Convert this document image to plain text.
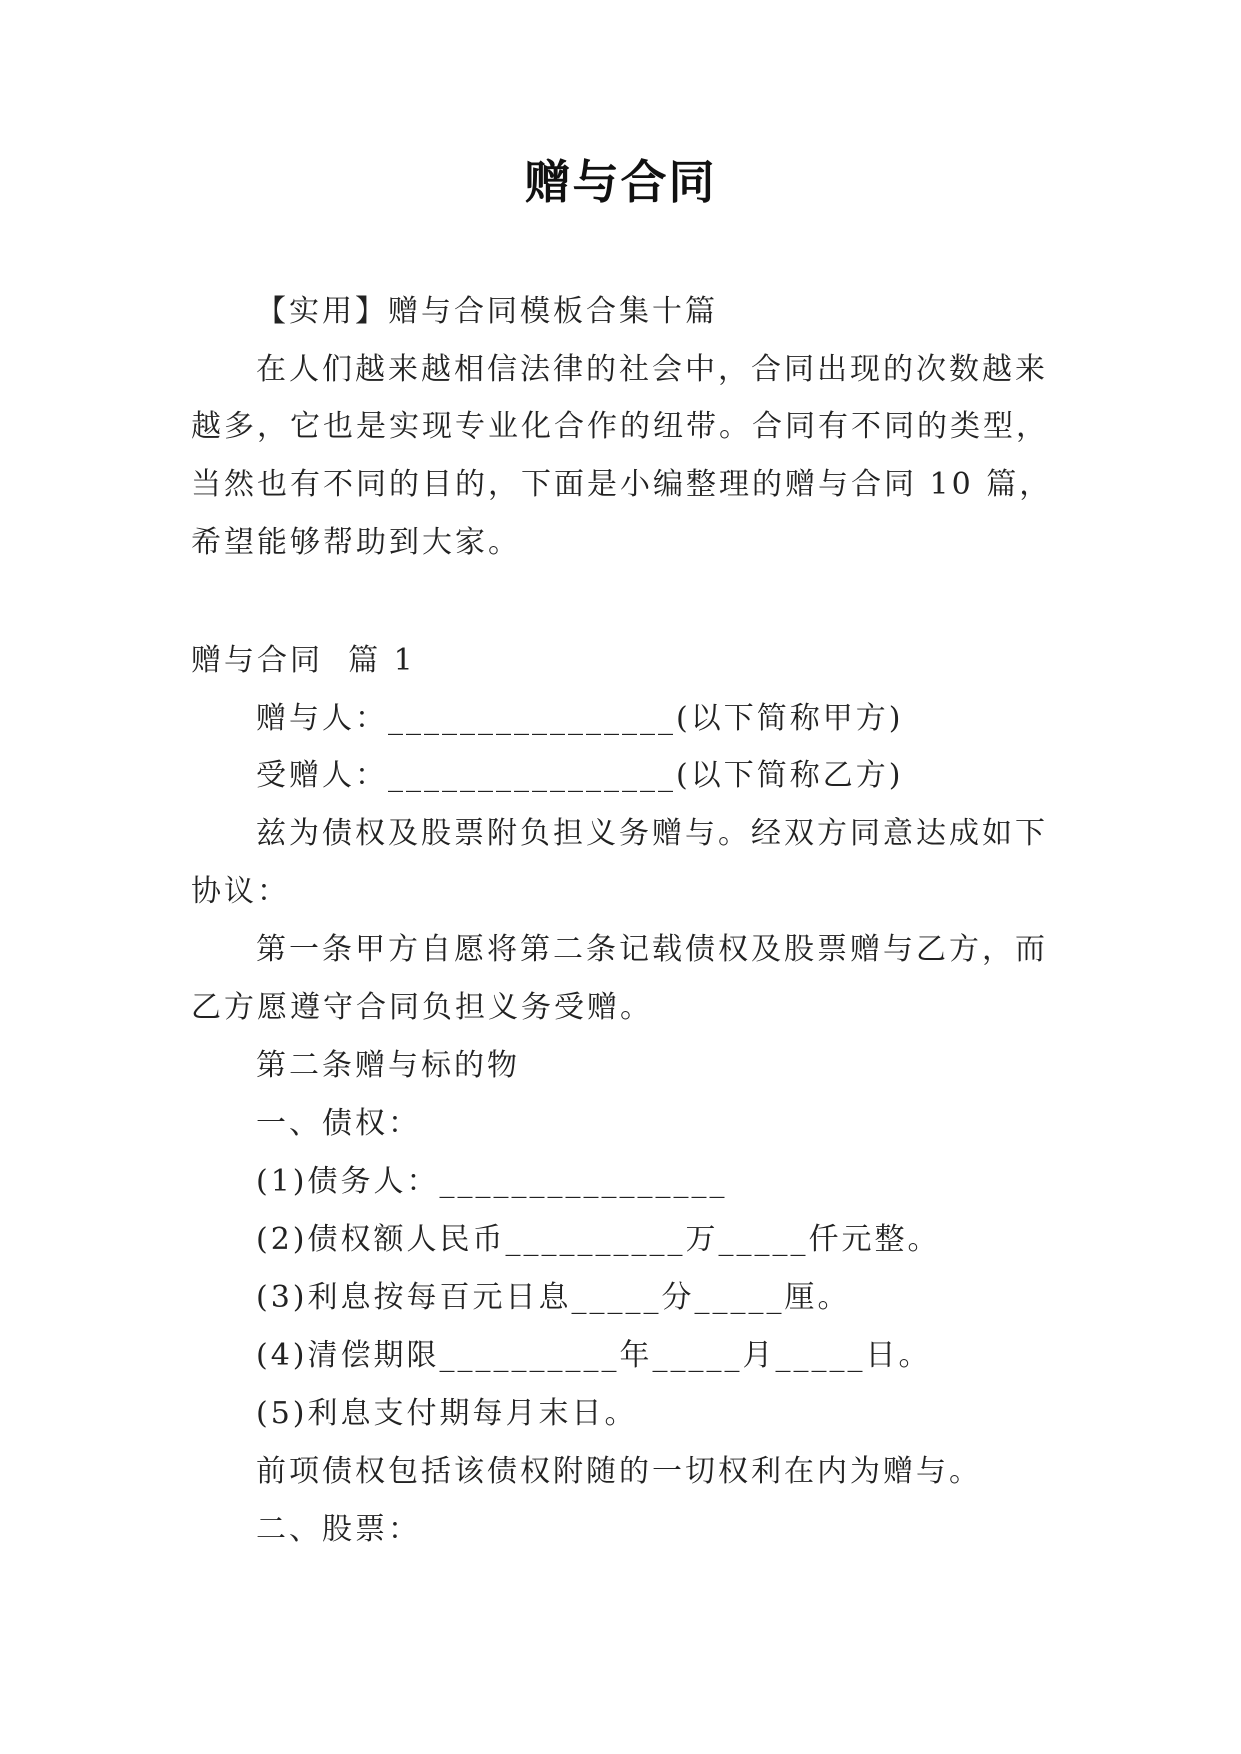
赠与合同
【实用】赠与合同模板合集十篇
在人们越来越相信法律的社会中，合同出现的次数越来
越多，它也是实现专业化合作的纽带。合同有不同的类型，
当然也有不同的目的，下面是小编整理的赠与合同 10 篇，
希望能够帮助到大家。
赠与合同  篇 1
赠与人：________________(以下简称甲方)
受赠人：________________(以下简称乙方)
兹为债权及股票附负担义务赠与。经双方同意达成如下
协议：
第一条甲方自愿将第二条记载债权及股票赠与乙方，而
乙方愿遵守合同负担义务受赠。
第二条赠与标的物
一、债权：
(1)债务人：________________
(2)债权额人民币__________万_____仟元整。
(3)利息按每百元日息_____分_____厘。
(4)清偿期限__________年_____月_____日。
(5)利息支付期每月末日。
前项债权包括该债权附随的一切权利在内为赠与。
二、股票：
